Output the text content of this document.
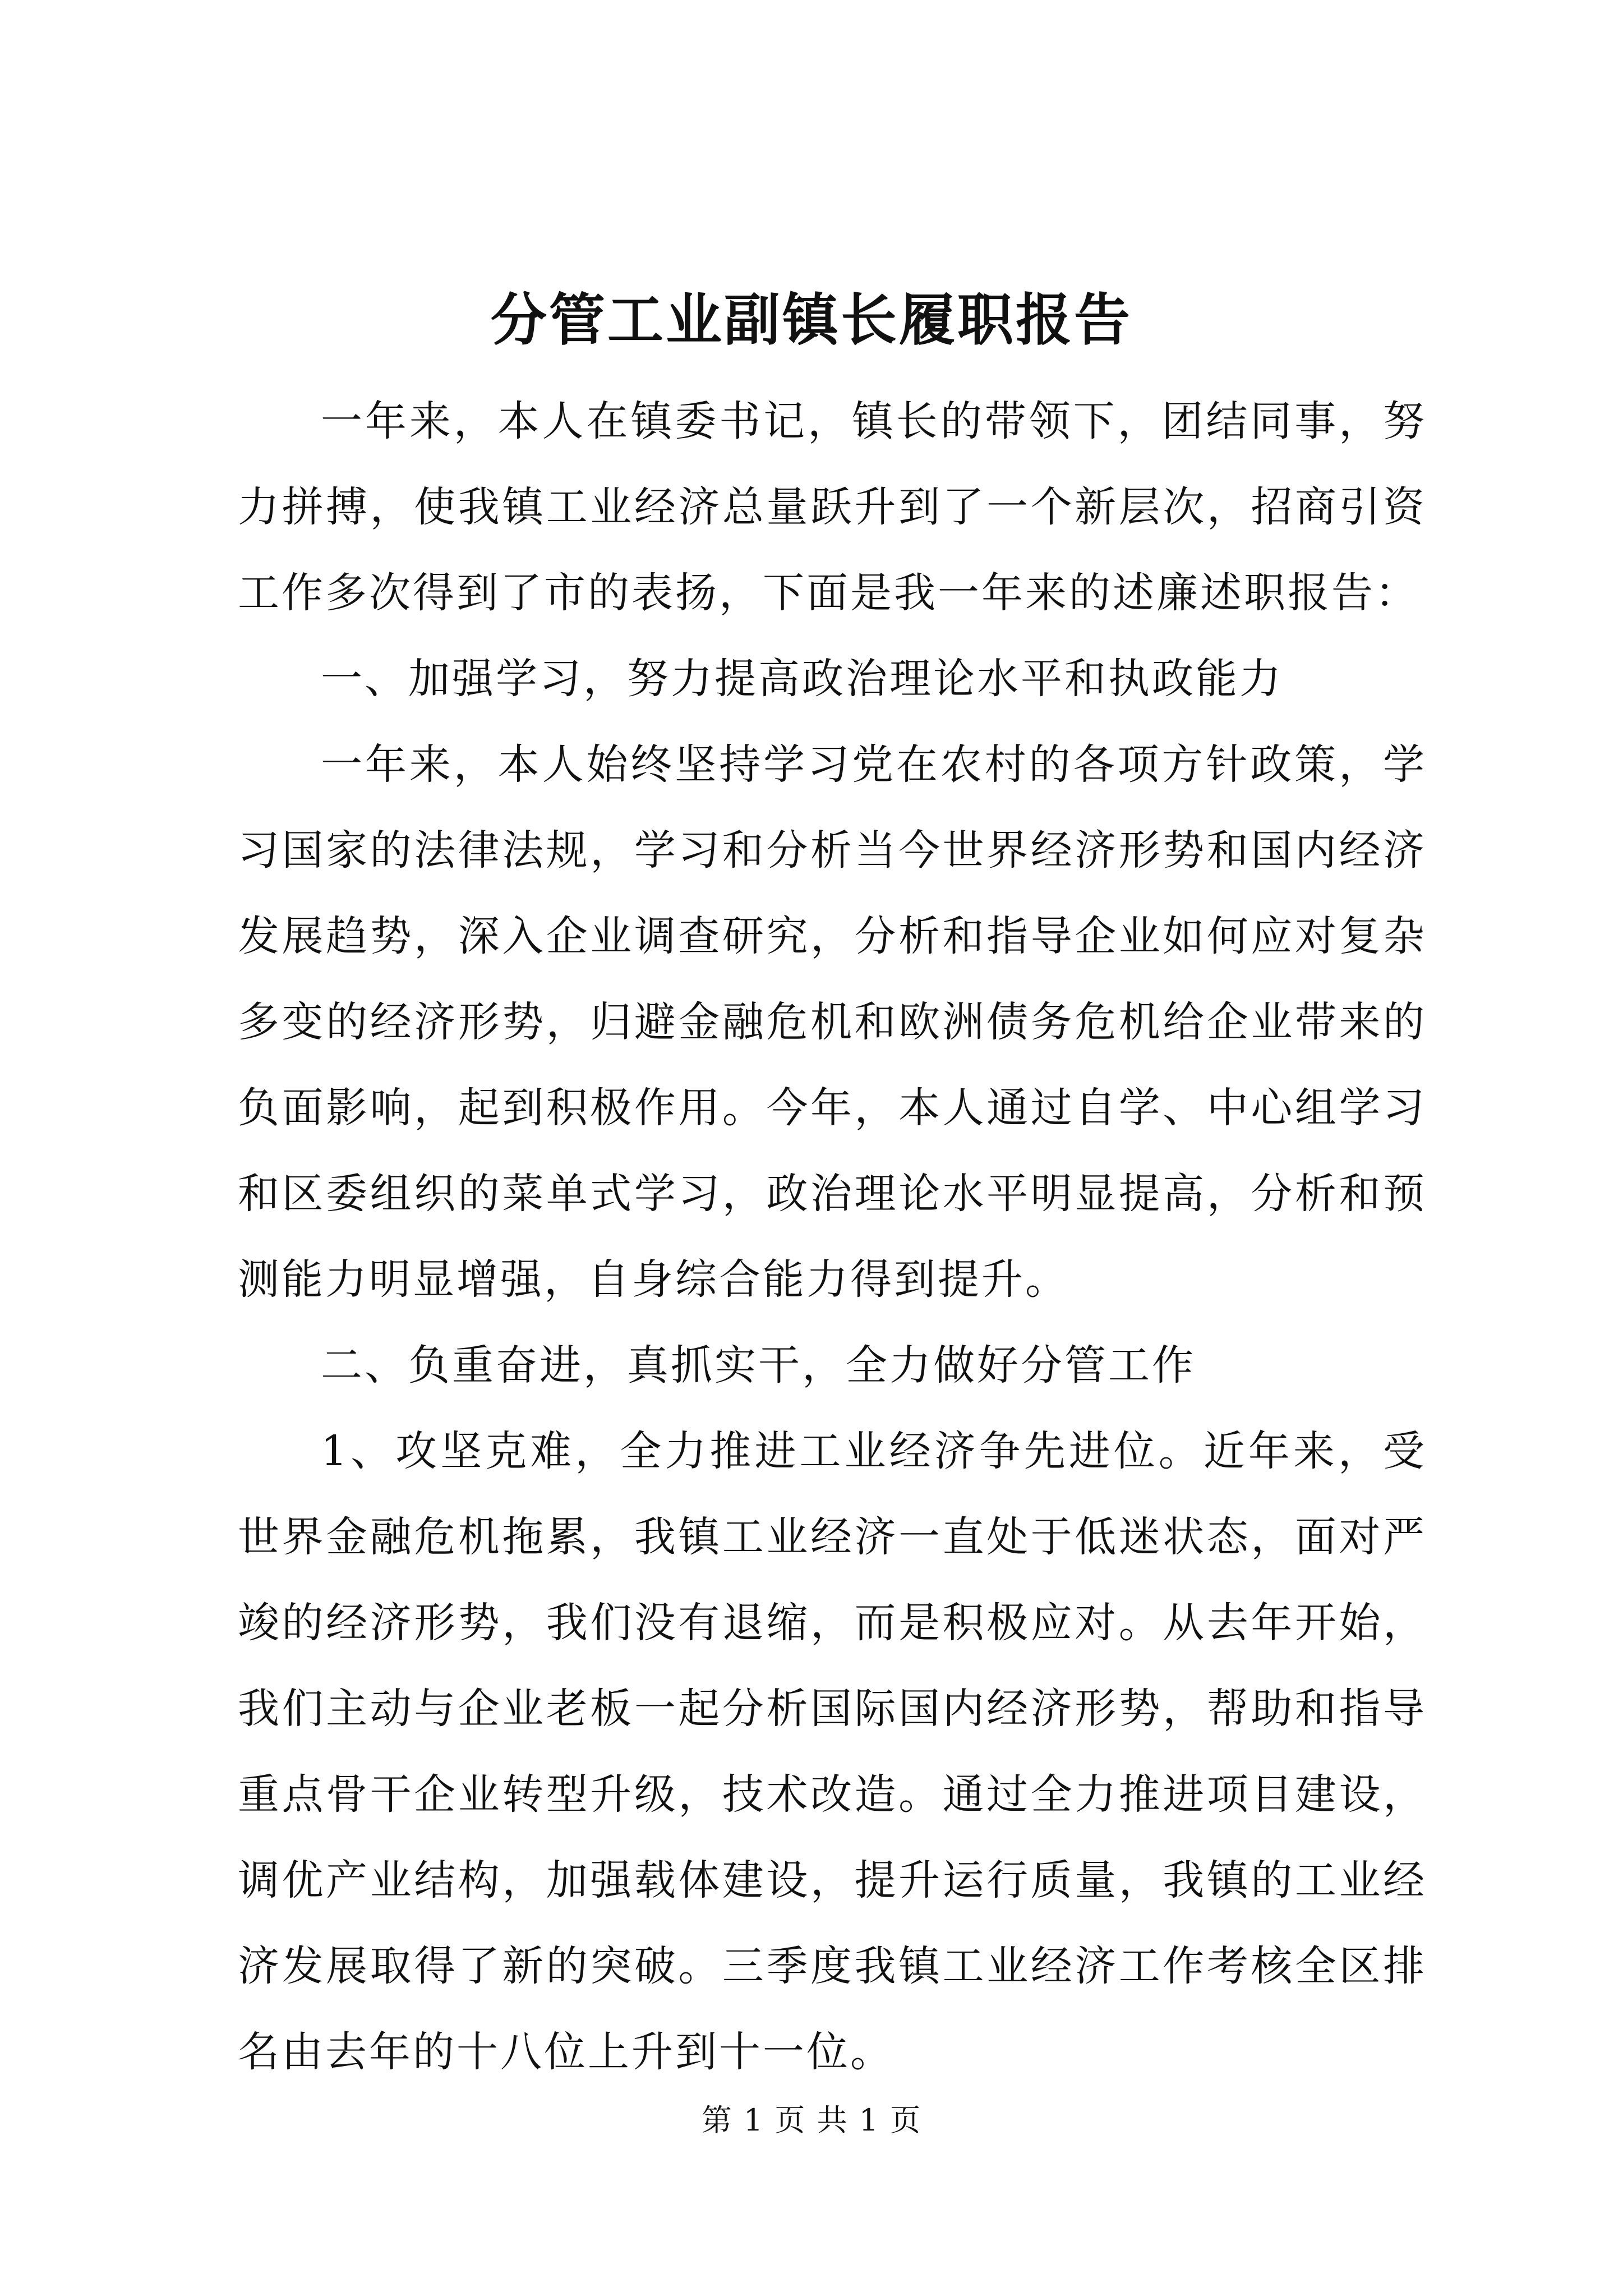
分管工业副镇长履职报告

一年来，本人在镇委书记，镇长的带领下，团结同事，努力拼搏，使我镇工业经济总量跃升到了一个新层次，招商引资工作多次得到了市的表扬，下面是我一年来的述廉述职报告：

一、加强学习，努力提高政治理论水平和执政能力

一年来，本人始终坚持学习党在农村的各项方针政策，学习国家的法律法规，学习和分析当今世界经济形势和国内经济发展趋势，深入企业调查研究，分析和指导企业如何应对复杂多变的经济形势，归避金融危机和欧洲债务危机给企业带来的负面影响，起到积极作用。今年，本人通过自学、中心组学习和区委组织的菜单式学习，政治理论水平明显提高，分析和预测能力明显增强，自身综合能力得到提升。

二、负重奋进，真抓实干，全力做好分管工作

1、攻坚克难，全力推进工业经济争先进位。近年来，受世界金融危机拖累，我镇工业经济一直处于低迷状态，面对严竣的经济形势，我们没有退缩，而是积极应对。从去年开始，我们主动与企业老板一起分析国际国内经济形势，帮助和指导重点骨干企业转型升级，技术改造。通过全力推进项目建设，调优产业结构，加强载体建设，提升运行质量，我镇的工业经济发展取得了新的突破。三季度我镇工业经济工作考核全区排名由去年的十八位上升到十一位。

第 1 页 共 1 页
